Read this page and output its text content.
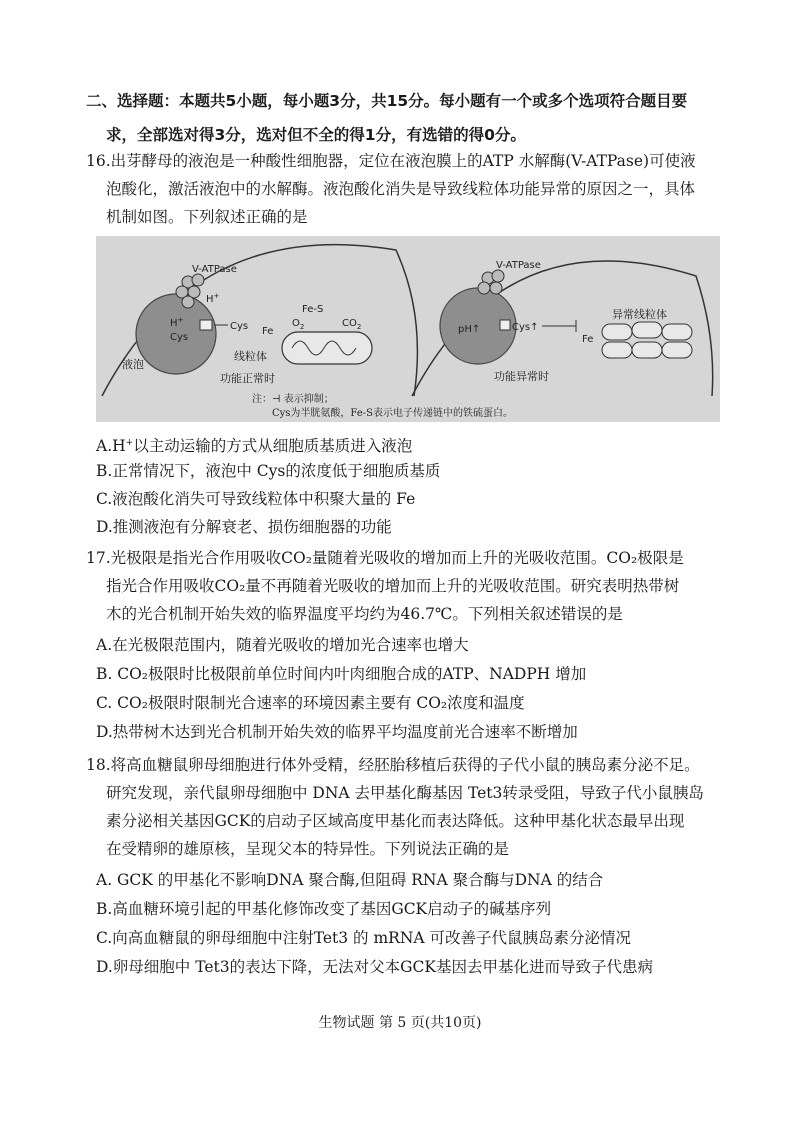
二、选择题：本题共5小题，每小题3分，共15分。每小题有一个或多个选项符合题目要
求，全部选对得3分，选对但不全的得1分，有选错的得0分。
16.出芽酵母的液泡是一种酸性细胞器，定位在液泡膜上的ATP 水解酶(V-ATPase)可使液
泡酸化，激活液泡中的水解酶。液泡酸化消失是导致线粒体功能异常的原因之一，具体
机制如图。下列叙述正确的是
V-ATPase
H+
H+
Cys
Cys
液泡
Fe
Fe-S
$O_2$	$CO_2$
线粒体
功能正常时
V-ATPase
pH↑	Cys↑
Fe
异常线粒体
功能异常时
注：⊣ 表示抑制；
Cys为半胱氨酸，Fe-S表示电子传递链中的铁硫蛋白。
A.H+以主动运输的方式从细胞质基质进入液泡
B.正常情况下，液泡中 Cys的浓度低于细胞质基质
C.液泡酸化消失可导致线粒体中积聚大量的 Fe
D.推测液泡有分解衰老、损伤细胞器的功能
17.光极限是指光合作用吸收CO₂量随着光吸收的增加而上升的光吸收范围。CO₂极限是
指光合作用吸收CO₂量不再随着光吸收的增加而上升的光吸收范围。研究表明热带树
木的光合机制开始失效的临界温度平均约为46.7℃。下列相关叙述错误的是
A.在光极限范围内，随着光吸收的增加光合速率也增大
B. CO₂极限时比极限前单位时间内叶肉细胞合成的ATP、NADPH 增加
C. CO₂极限时限制光合速率的环境因素主要有 CO₂浓度和温度
D.热带树木达到光合机制开始失效的临界平均温度前光合速率不断增加
18.将高血糖鼠卵母细胞进行体外受精，经胚胎移植后获得的子代小鼠的胰岛素分泌不足。
研究发现，亲代鼠卵母细胞中 DNA 去甲基化酶基因 Tet3转录受阻，导致子代小鼠胰岛
素分泌相关基因GCK的启动子区域高度甲基化而表达降低。这种甲基化状态最早出现
在受精卵的雄原核，呈现父本的特异性。下列说法正确的是
A. GCK 的甲基化不影响DNA 聚合酶,但阻碍 RNA 聚合酶与DNA 的结合
B.高血糖环境引起的甲基化修饰改变了基因GCK启动子的碱基序列
C.向高血糖鼠的卵母细胞中注射Tet3 的 mRNA 可改善子代鼠胰岛素分泌情况
D.卵母细胞中 Tet3的表达下降，无法对父本GCK基因去甲基化进而导致子代患病
生物试题 第 5 页(共10页)
